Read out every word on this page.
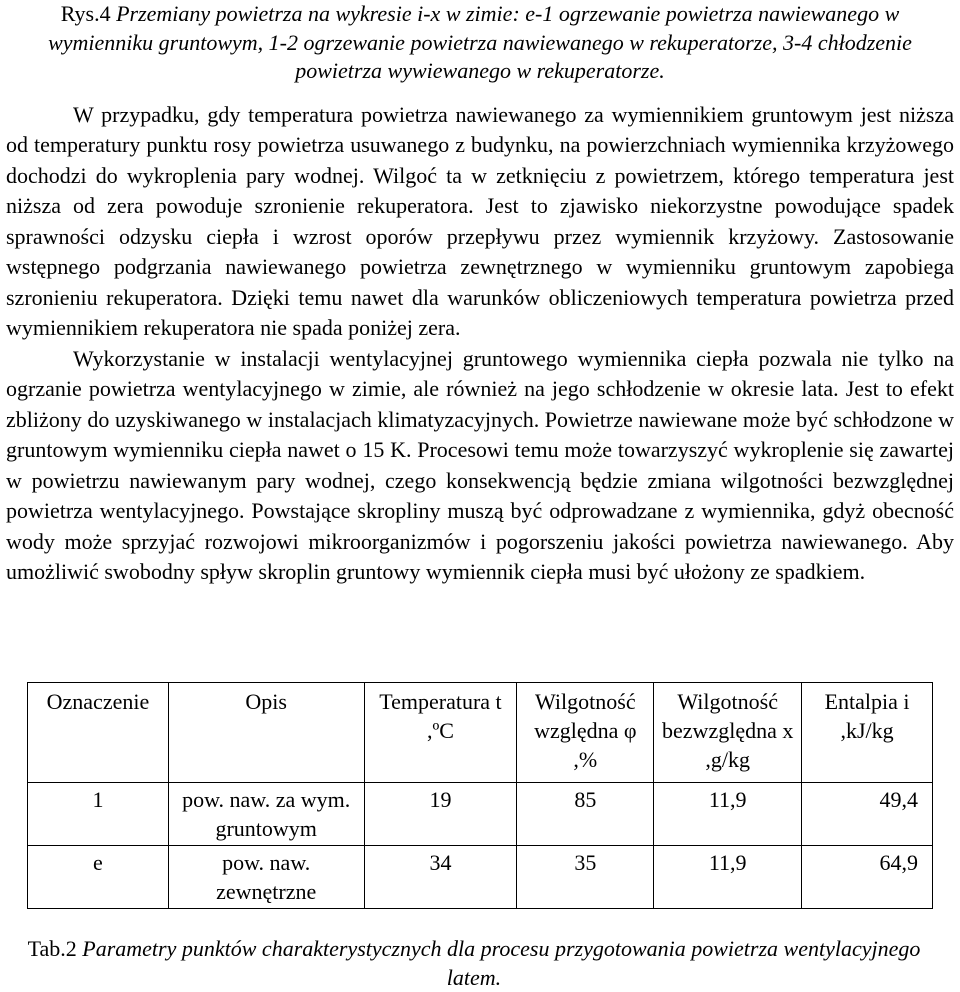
Rys.4 Przemiany powietrza na wykresie i-x w zimie: e-1 ogrzewanie powietrza nawiewanego w wymienniku gruntowym, 1-2 ogrzewanie powietrza nawiewanego w rekuperatorze, 3-4 chłodzenie powietrza wywiewanego w rekuperatorze.

W przypadku, gdy temperatura powietrza nawiewanego za wymiennikiem gruntowym jest niższa od temperatury punktu rosy powietrza usuwanego z budynku, na powierzchniach wymiennika krzyżowego dochodzi do wykroplenia pary wodnej. Wilgoć ta w zetknięciu z powietrzem, którego temperatura jest niższa od zera powoduje szronienie rekuperatora. Jest to zjawisko niekorzystne powodujące spadek sprawności odzysku ciepła i wzrost oporów przepływu przez wymiennik krzyżowy. Zastosowanie wstępnego podgrzania nawiewanego powietrza zewnętrznego w wymienniku gruntowym zapobiega szronieniu rekuperatora. Dzięki temu nawet dla warunków obliczeniowych temperatura powietrza przed wymiennikiem rekuperatora nie spada poniżej zera.

Wykorzystanie w instalacji wentylacyjnej gruntowego wymiennika ciepła pozwala nie tylko na ogrzanie powietrza wentylacyjnego w zimie, ale również na jego schłodzenie w okresie lata. Jest to efekt zbliżony do uzyskiwanego w instalacjach klimatyzacyjnych. Powietrze nawiewane może być schłodzone w gruntowym wymienniku ciepła nawet o 15 K. Procesowi temu może towarzyszyć wykroplenie się zawartej w powietrzu nawiewanym pary wodnej, czego konsekwencją będzie zmiana wilgotności bezwzględnej powietrza wentylacyjnego. Powstające skropliny muszą być odprowadzane z wymiennika, gdyż obecność wody może sprzyjać rozwojowi mikroorganizmów i pogorszeniu jakości powietrza nawiewanego. Aby umożliwić swobodny spływ skroplin gruntowy wymiennik ciepła musi być ułożony ze spadkiem.

Oznaczenie	Opis	Temperatura t ,ºC	Wilgotność względna φ ,%	Wilgotność bezwzględna x ,g/kg	Entalpia i ,kJ/kg
1	pow. naw. za wym. gruntowym	19	85	11,9	49,4
e	pow. naw. zewnętrzne	34	35	11,9	64,9

Tab.2 Parametry punktów charakterystycznych dla procesu przygotowania powietrza wentylacyjnego latem.
